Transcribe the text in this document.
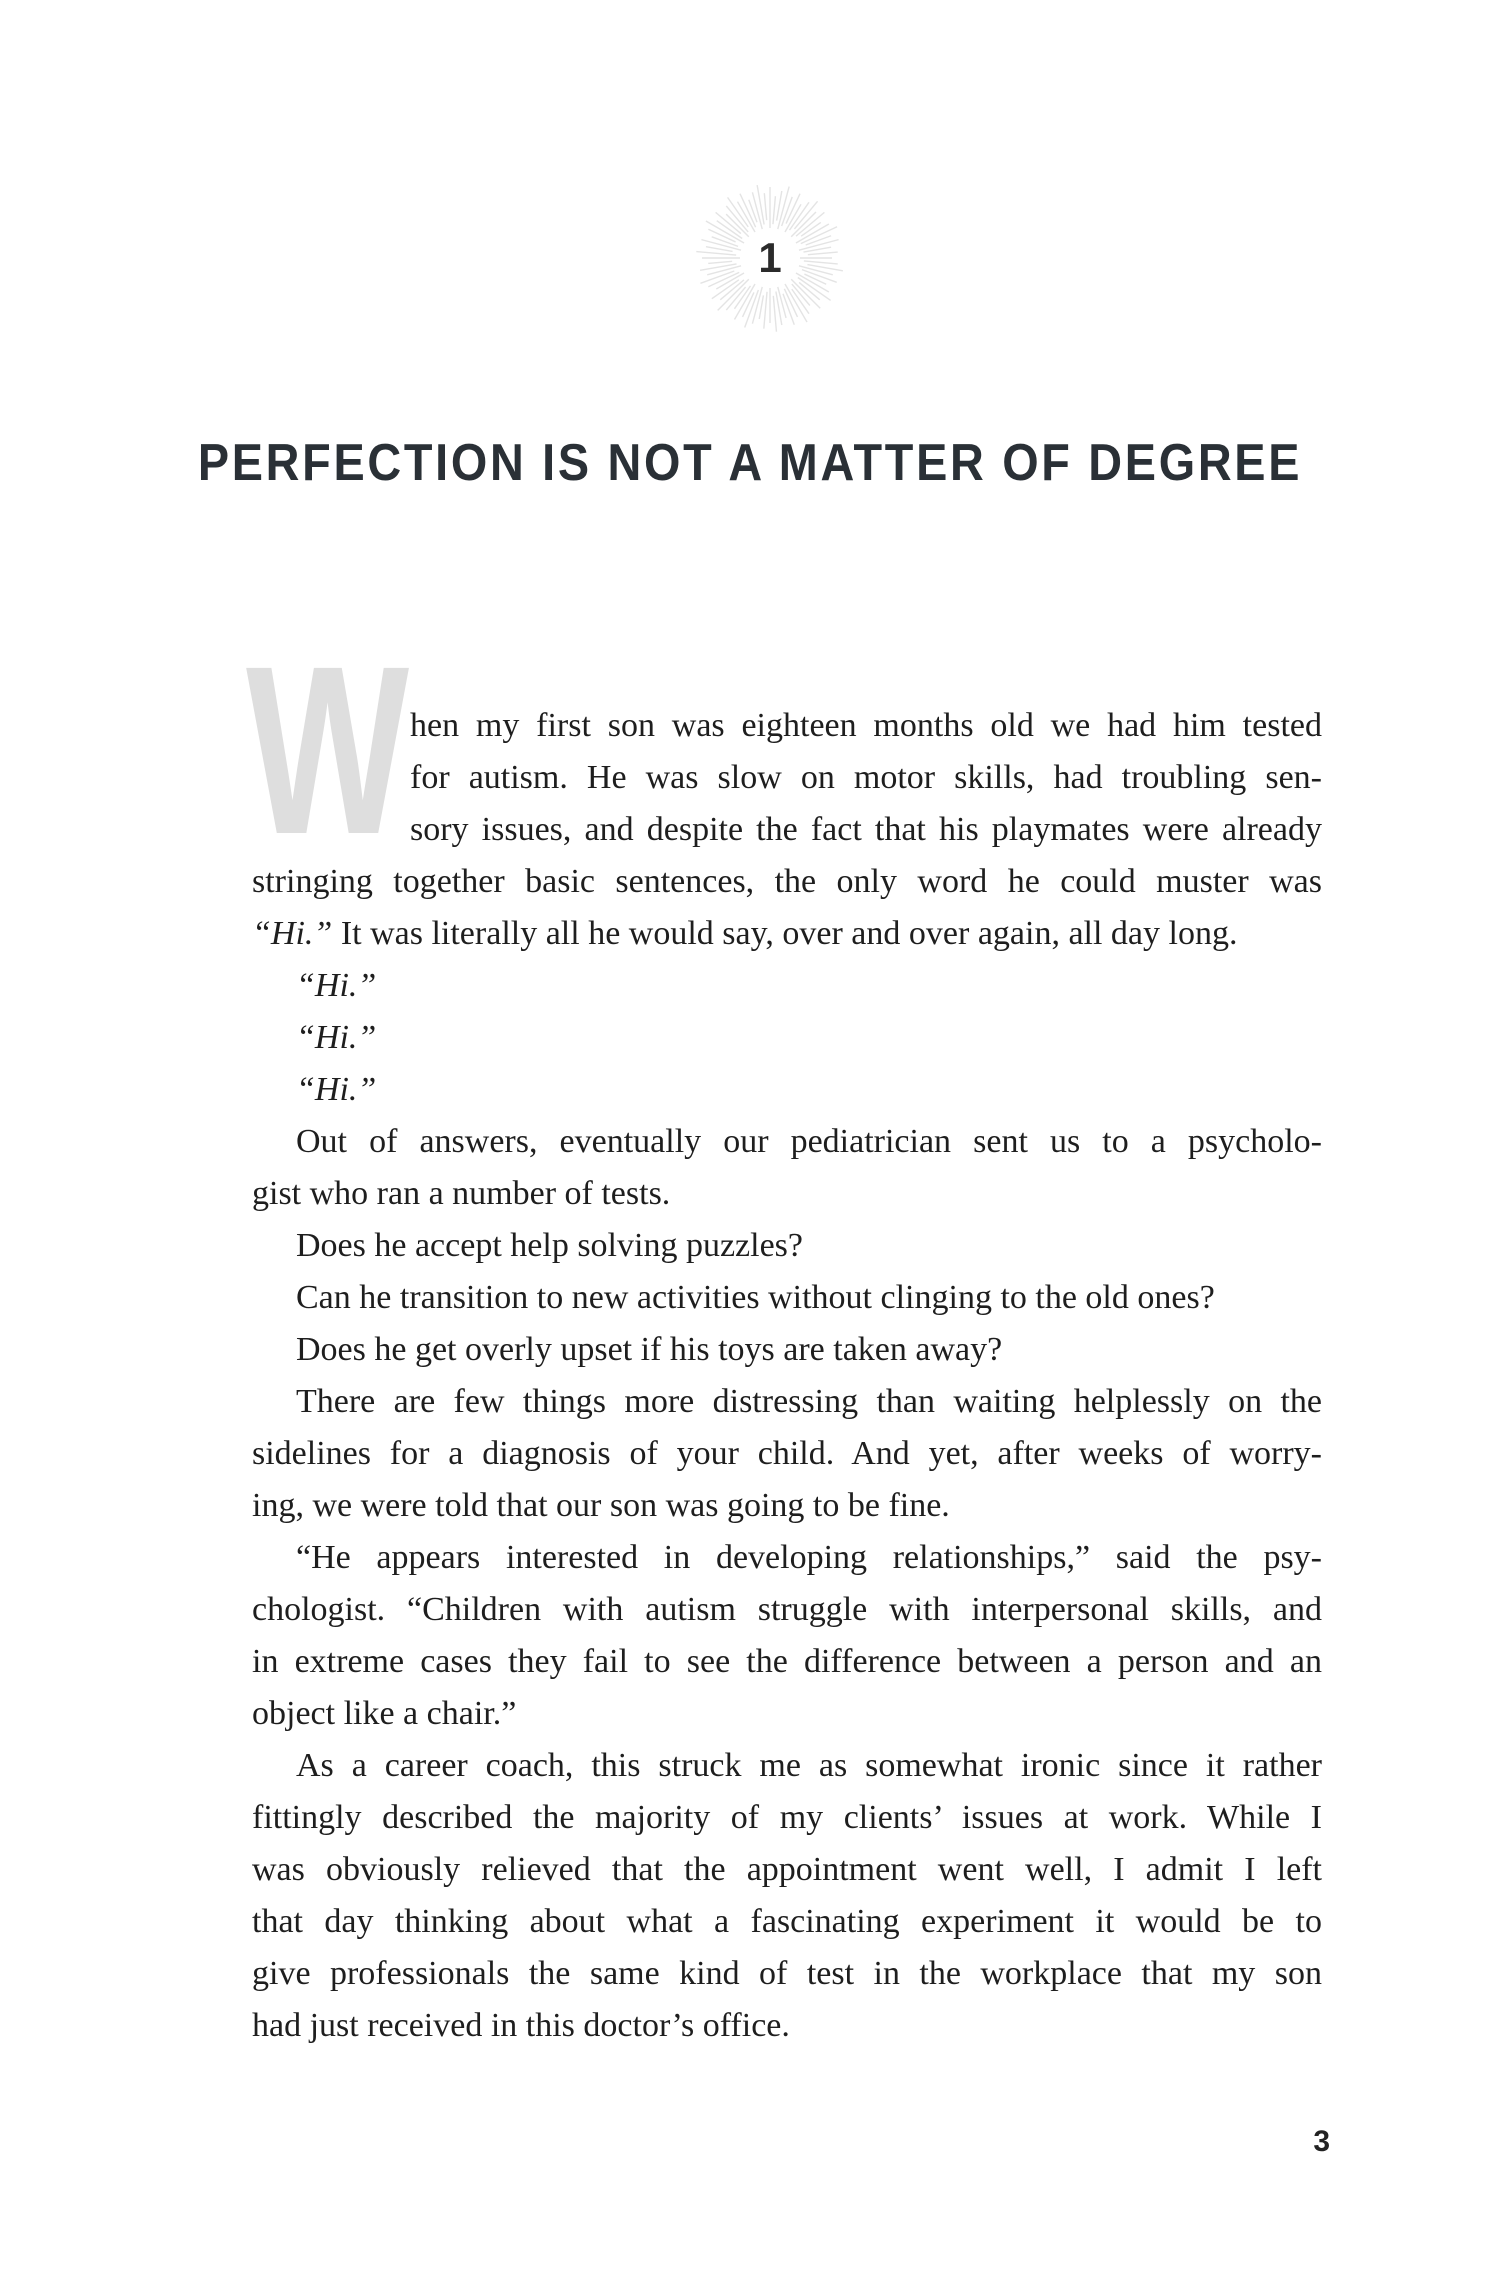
1
PERFECTION IS NOT A MATTER OF DEGREE
W hen my first son was eighteen months old we had him tested
for autism. He was slow on motor skills, had troubling sen-
sory issues, and despite the fact that his playmates were already
stringing together basic sentences, the only word he could muster was
“Hi.” It was literally all he would say, over and over again, all day long.
“Hi.”
“Hi.”
“Hi.”
Out of answers, eventually our pediatrician sent us to a psycholo-
gist who ran a number of tests.
Does he accept help solving puzzles?
Can he transition to new activities without clinging to the old ones?
Does he get overly upset if his toys are taken away?
There are few things more distressing than waiting helplessly on the
sidelines for a diagnosis of your child. And yet, after weeks of worry-
ing, we were told that our son was going to be fine.
“He appears interested in developing relationships,” said the psy-
chologist. “Children with autism struggle with interpersonal skills, and
in extreme cases they fail to see the difference between a person and an
object like a chair.”
As a career coach, this struck me as somewhat ironic since it rather
fittingly described the majority of my clients’ issues at work. While I
was obviously relieved that the appointment went well, I admit I left
that day thinking about what a fascinating experiment it would be to
give professionals the same kind of test in the workplace that my son
had just received in this doctor’s office.
3
